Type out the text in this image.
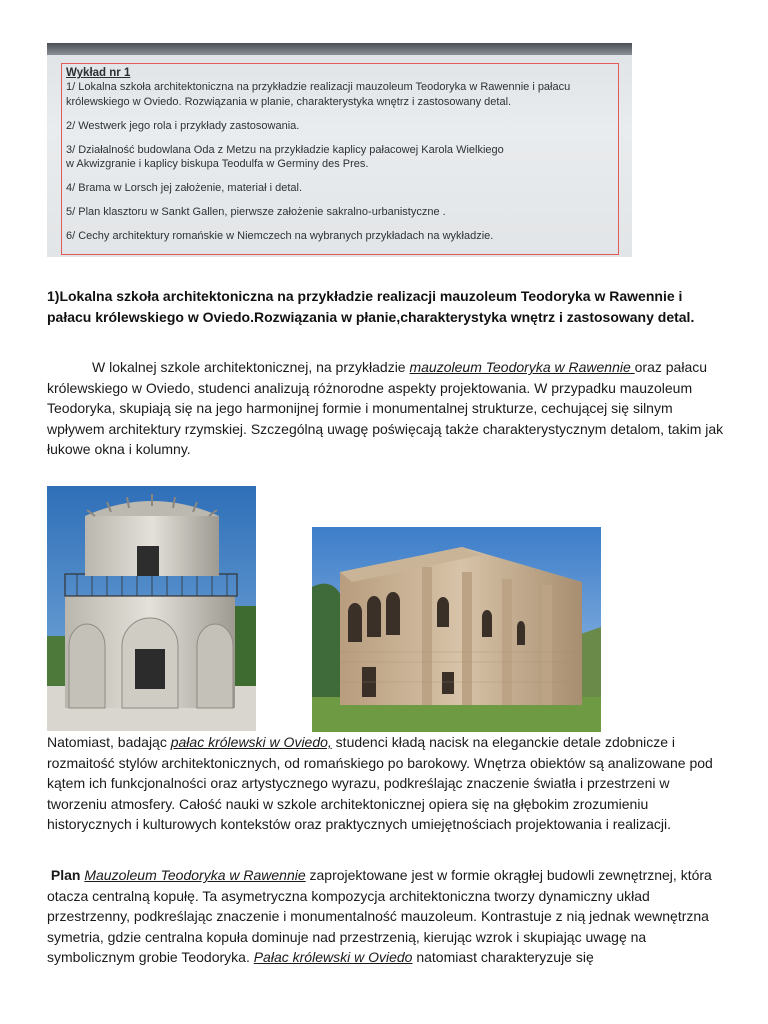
Wykład nr 1

1/ Lokalna szkoła architektoniczna na przykładzie realizacji mauzoleum Teodoryka w Rawennie i pałacu

królewskiego w Oviedo. Rozwiązania w planie, charakterystyka wnętrz i zastosowany detal.

2/ Westwerk jego rola i przykłady zastosowania.

3/ Działalność budowlana Oda z Metzu na przykładzie kaplicy pałacowej Karola Wielkiego

w Akwizgranie i kaplicy biskupa Teodulfa w Germiny des Pres.

4/ Brama w Lorsch jej założenie, materiał i detal.

5/ Plan klasztoru w Sankt Gallen, pierwsze założenie sakralno-urbanistyczne .

6/ Cechy architektury romańskie w Niemczech na wybranych przykładach na wykładzie.

1)Lokalna szkoła architektoniczna na przykładzie realizacji mauzoleum Teodoryka w Rawennie i pałacu królewskiego w Oviedo.Rozwiązania w płanie,charakterystyka wnętrz i zastosowany detal.

W lokalnej szkole architektonicznej, na przykładzie mauzoleum Teodoryka w Rawennie oraz pałacu królewskiego w Oviedo, studenci analizują różnorodne aspekty projektowania. W przypadku mauzoleum Teodoryka, skupiają się na jego harmonijnej formie i monumentalnej strukturze, cechującej się silnym wpływem architektury rzymskiej. Szczególną uwagę poświęcają także charakterystycznym detalom, takim jak łukowe okna i kolumny.

Natomiast, badając pałac królewski w Oviedo, studenci kładą nacisk na eleganckie detale zdobnicze i rozmaitość stylów architektonicznych, od romańskiego po barokowy. Wnętrza obiektów są analizowane pod kątem ich funkcjonalności oraz artystycznego wyrazu, podkreślając znaczenie światła i przestrzeni w tworzeniu atmosfery. Całość nauki w szkole architektonicznej opiera się na głębokim zrozumieniu historycznych i kulturowych kontekstów oraz praktycznych umiejętnościach projektowania i realizacji.

Plan Mauzoleum Teodoryka w Rawennie zaprojektowane jest w formie okrągłej budowli zewnętrznej, która otacza centralną kopułę. Ta asymetryczna kompozycja architektoniczna tworzy dynamiczny układ przestrzenny, podkreślając znaczenie i monumentalność mauzoleum. Kontrastuje z nią jednak wewnętrzna symetria, gdzie centralna kopuła dominuje nad przestrzenią, kierując wzrok i skupiając uwagę na symbolicznym grobie Teodoryka. Pałac królewski w Oviedo natomiast charakteryzuje się
